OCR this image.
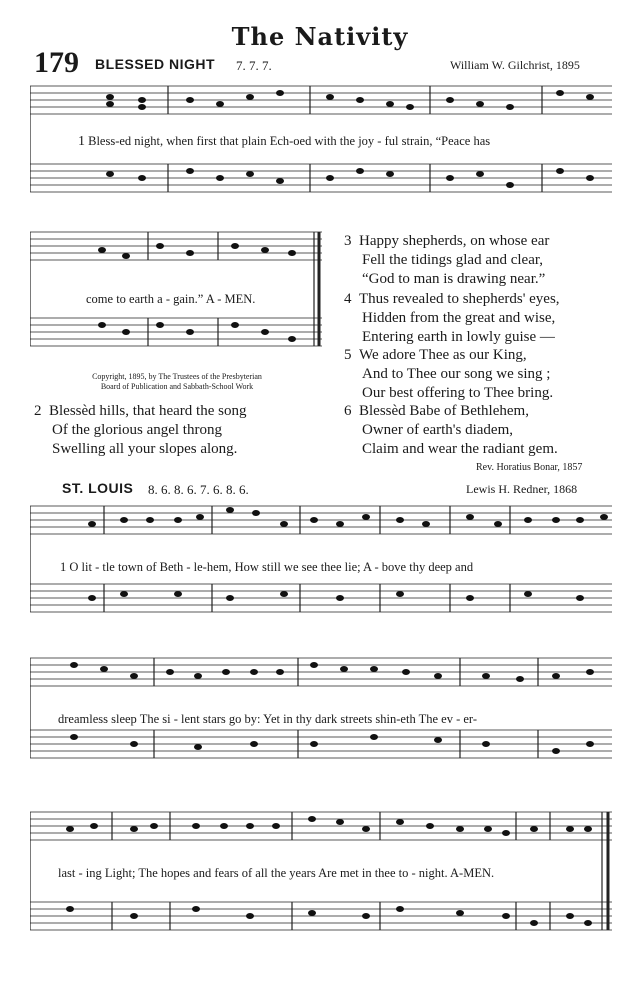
The Nativity
179 BLESSED NIGHT 7. 7. 7.	William W. Gilchrist, 1895
1 Bless-ed night, when first that plain Ech-oed with the joy - ful strain, “Peace has
come to earth a - gain.” A - MEN.
Copyright, 1895, by The Trustees of the Presbyterian
Board of Publication and Sabbath-School Work
2 Blessèd hills, that heard the song
Of the glorious angel throng
Swelling all your slopes along.
3 Happy shepherds, on whose ear
Fell the tidings glad and clear,
“God to man is drawing near.”
4 Thus revealed to shepherds' eyes,
Hidden from the great and wise,
Entering earth in lowly guise —
5 We adore Thee as our King,
And to Thee our song we sing ;
Our best offering to Thee bring.
6 Blessèd Babe of Bethlehem,
Owner of earth's diadem,
Claim and wear the radiant gem.
Rev. Horatius Bonar, 1857
ST. LOUIS 8. 6. 8. 6. 7. 6. 8. 6.	Lewis H. Redner, 1868
1 O lit - tle town of Beth - le-hem, How still we see thee lie; A - bove thy deep and
dreamless sleep The si - lent stars go by: Yet in thy dark streets shin-eth The ev - er-
last - ing Light; The hopes and fears of all the years Are met in thee to - night. A-MEN.
